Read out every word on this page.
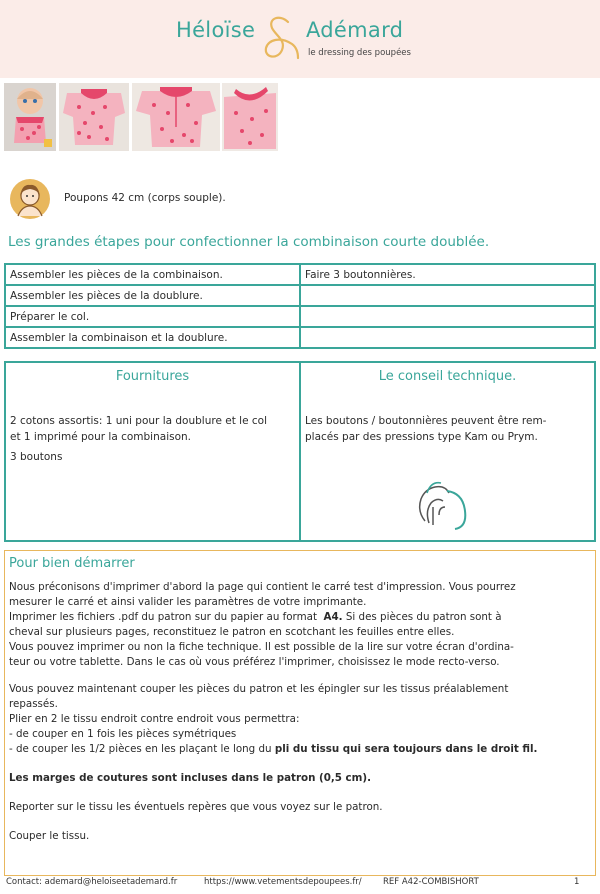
Héloïse Adémard
le dressing des poupées
Poupons 42 cm (corps souple).
Les grandes étapes pour confectionner la combinaison courte doublée.
Assembler les pièces de la combinaison.	Faire 3 boutonnières.
Assembler les pièces de la doublure.	
Préparer le col.	
Assembler la combinaison et la doublure.	
Fournitures
2 cotons assortis: 1 uni pour la doublure et le col
et 1 imprimé pour la combinaison.
3 boutons
Le conseil technique.
Les boutons / boutonnières peuvent être rem-
placés par des pressions type Kam ou Prym.
Pour bien démarrer

Nous préconisons d'imprimer d'abord la page qui contient le carré test d'impression. Vous pourrez

mesurer le carré et ainsi valider les paramètres de votre imprimante.

Imprimer les fichiers .pdf du patron sur du papier au format A4. Si des pièces du patron sont à

cheval sur plusieurs pages, reconstituez le patron en scotchant les feuilles entre elles.

Vous pouvez imprimer ou non la fiche technique. Il est possible de la lire sur votre écran d'ordina-

teur ou votre tablette. Dans le cas où vous préférez l'imprimer, choisissez le mode recto-verso.

Vous pouvez maintenant couper les pièces du patron et les épingler sur les tissus préalablement

repassés.

Plier en 2 le tissu endroit contre endroit vous permettra:

- de couper en 1 fois les pièces symétriques

- de couper les 1/2 pièces en les plaçant le long du pli du tissu qui sera toujours dans le droit fil.

Les marges de coutures sont incluses dans le patron (0,5 cm).

Reporter sur le tissu les éventuels repères que vous voyez sur le patron.

Couper le tissu.

Contact: ademard@heloiseetademard.fr	https://www.vetementsdepoupees.fr/	REF A42-COMBISHORT	1
